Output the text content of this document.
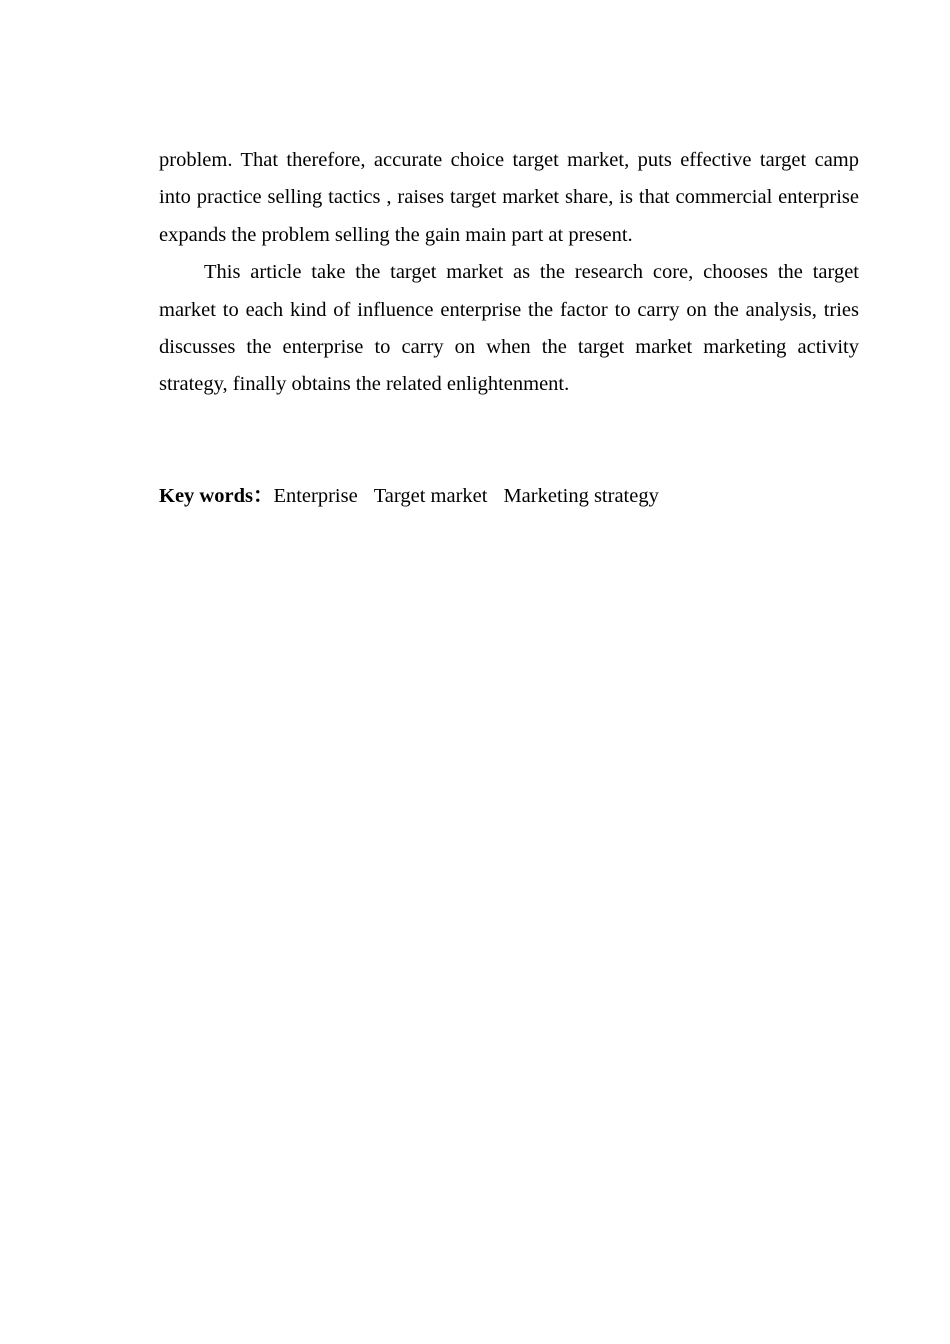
problem. That therefore, accurate choice target market, puts effective target camp into practice selling tactics , raises target market share, is that commercial enterprise expands the problem selling the gain main part at present.

This article take the target market as the research core, chooses the target market to each kind of influence enterprise the factor to carry on the analysis, tries discusses the enterprise to carry on when the target market marketing activity strategy, finally obtains the related enlightenment.

Key words：Enterprise Target market Marketing strategy
